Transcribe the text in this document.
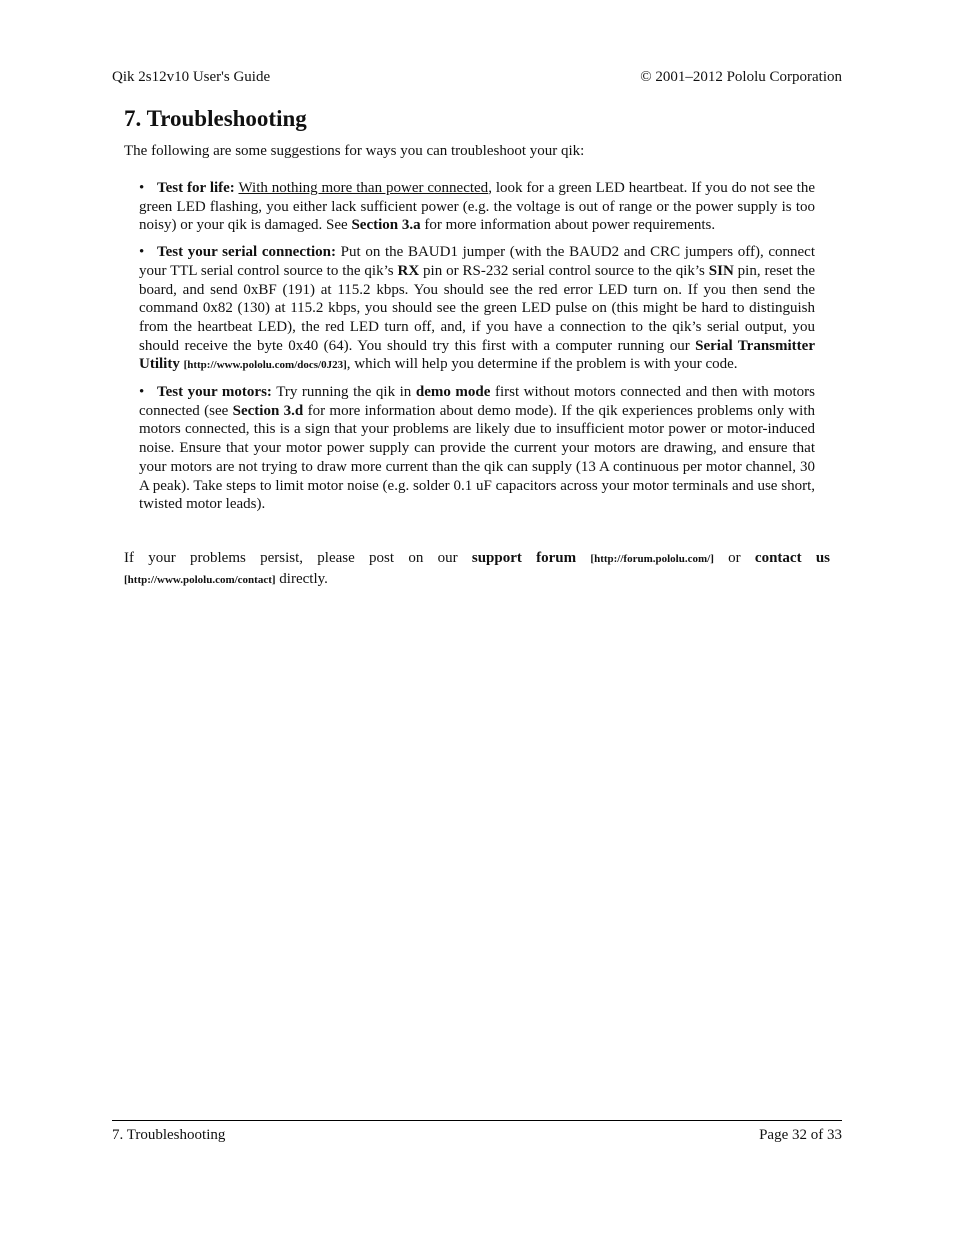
Qik 2s12v10 User's Guide	© 2001–2012 Pololu Corporation
7. Troubleshooting

The following are some suggestions for ways you can troubleshoot your qik:

• Test for life: With nothing more than power connected, look for a green LED heartbeat. If you do not see the green LED flashing, you either lack sufficient power (e.g. the voltage is out of range or the power supply is too noisy) or your qik is damaged. See Section 3.a for more information about power requirements.
• Test your serial connection: Put on the BAUD1 jumper (with the BAUD2 and CRC jumpers off), connect your TTL serial control source to the qik’s RX pin or RS-232 serial control source to the qik’s SIN pin, reset the board, and send 0xBF (191) at 115.2 kbps. You should see the red error LED turn on. If you then send the command 0x82 (130) at 115.2 kbps, you should see the green LED pulse on (this might be hard to distinguish from the heartbeat LED), the red LED turn off, and, if you have a connection to the qik’s serial output, you should receive the byte 0x40 (64). You should try this first with a computer running our Serial Transmitter Utility [http://www.pololu.com/docs/0J23], which will help you determine if the problem is with your code.
• Test your motors: Try running the qik in demo mode first without motors connected and then with motors connected (see Section 3.d for more information about demo mode). If the qik experiences problems only with motors connected, this is a sign that your problems are likely due to insufficient motor power or motor-induced noise. Ensure that your motor power supply can provide the current your motors are drawing, and ensure that your motors are not trying to draw more current than the qik can supply (13 A continuous per motor channel, 30 A peak). Take steps to limit motor noise (e.g. solder 0.1 uF capacitors across your motor terminals and use short, twisted motor leads).

If your problems persist, please post on our support forum [http://forum.pololu.com/] or contact us [http://www.pololu.com/contact] directly.

7. Troubleshooting	Page 32 of 33
